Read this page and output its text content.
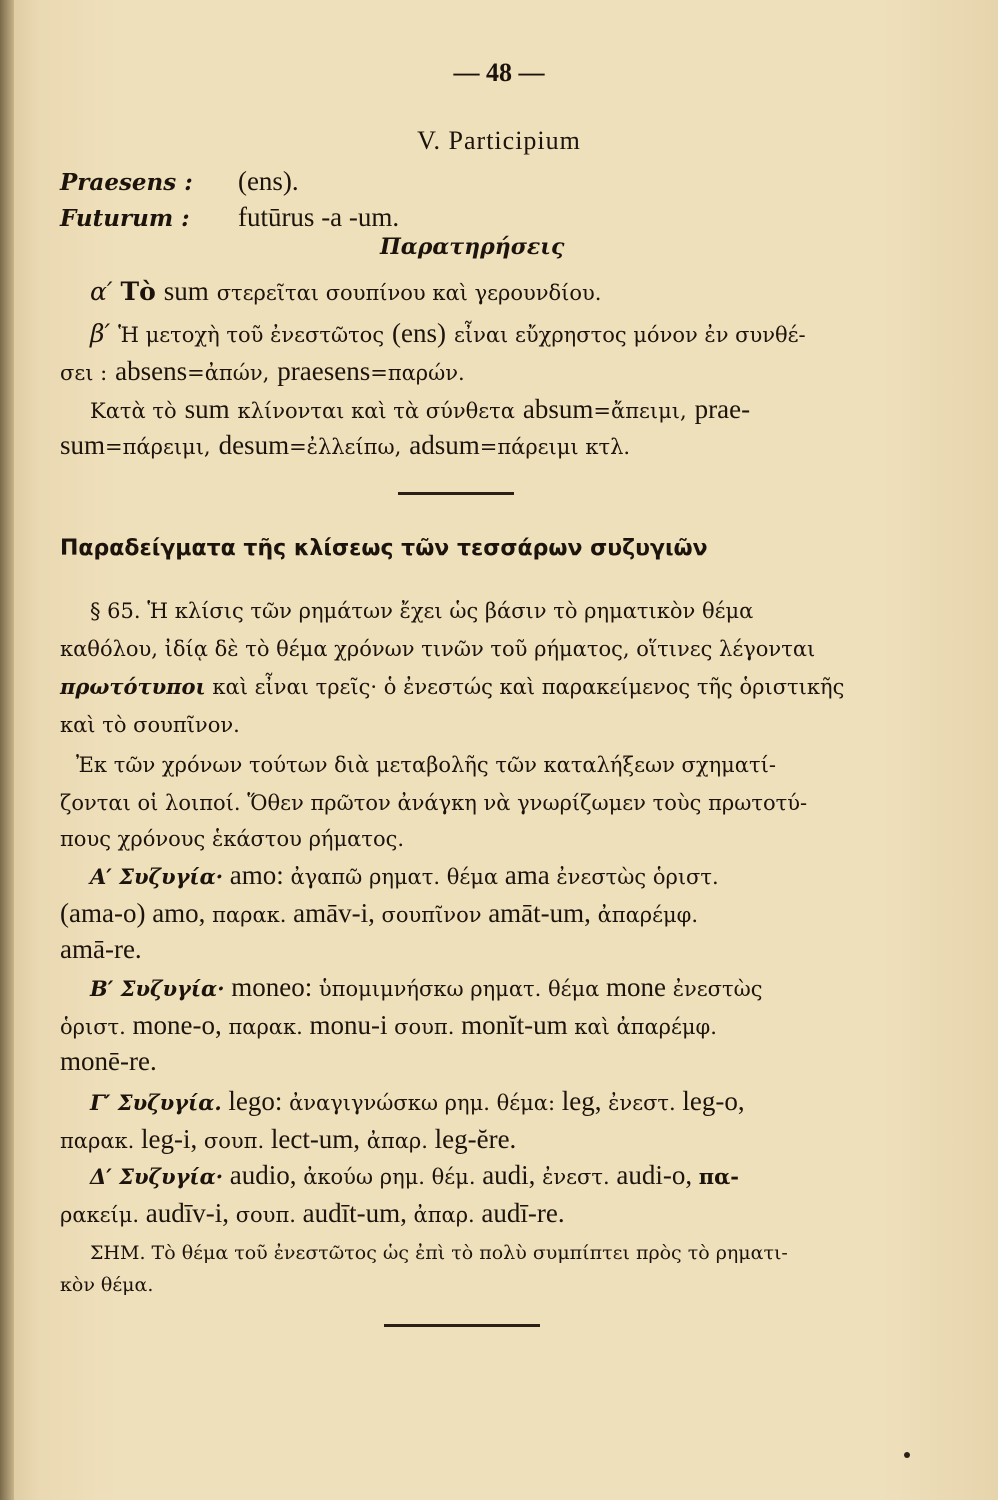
— 48 —
V. Participium
Praesens : (ens).
Futurum : futūrus -a -um.
Παρατηρήσεις
α′ Τὸ sum στερεῖται σουπίνου καὶ γερουνδίου.
β′ Ἡ μετοχὴ τοῦ ἐνεστῶτος (ens) εἶναι εὔχρηστος μόνον ἐν συνθέ-
σει : absens=ἀπών, praesens=παρών.
Κατὰ τὸ sum κλίνονται καὶ τὰ σύνθετα absum=ἄπειμι, prae-
sum=πάρειμι, desum=ἐλλείπω, adsum=πάρειμι κτλ.
Παραδείγματα τῆς κλίσεως τῶν τεσσάρων συζυγιῶν
§ 65. Ἡ κλίσις τῶν ρημάτων ἔχει ὡς βάσιν τὸ ρηματικὸν θέμα
καθόλου, ἰδίᾳ δὲ τὸ θέμα χρόνων τινῶν τοῦ ρήματος, οἵτινες λέγονται
πρωτότυποι καὶ εἶναι τρεῖς· ὁ ἐνεστώς καὶ παρακείμενος τῆς ὁριστικῆς
καὶ τὸ σουπῖνον.
Ἐκ τῶν χρόνων τούτων διὰ μεταβολῆς τῶν καταλήξεων σχηματί-
ζονται οἱ λοιποί. Ὅθεν πρῶτον ἀνάγκη νὰ γνωρίζωμεν τοὺς πρωτοτύ-
πους χρόνους ἑκάστου ρήματος.
Α′ Συζυγία· amo: ἀγαπῶ ρηματ. θέμα ama ἐνεστὼς ὁριστ.
(ama-o) amo, παρακ. amāv-i, σουπῖνον amāt-um, ἀπαρέμφ.
amā-re.
Β′ Συζυγία· moneo: ὑπομιμνήσκω ρηματ. θέμα mone ἐνεστὼς
ὁριστ. mone-o, παρακ. monu-i σουπ. monĭt-um καὶ ἀπαρέμφ.
monē-re.
Γ′ Συζυγία. lego: ἀναγιγνώσκω ρημ. θέμα: leg, ἐνεστ. leg-o,
παρακ. leg-i, σουπ. lect-um, ἀπαρ. leg-ĕre.
Δ′ Συζυγία· audio, ἀκούω ρημ. θέμ. audi, ἐνεστ. audi-o, πα-
ρακείμ. audīv-i, σουπ. audīt-um, ἀπαρ. audī-re.
ΣΗΜ. Τὸ θέμα τοῦ ἐνεστῶτος ὡς ἐπὶ τὸ πολὺ συμπίπτει πρὸς τὸ ρηματι-
κὸν θέμα.
